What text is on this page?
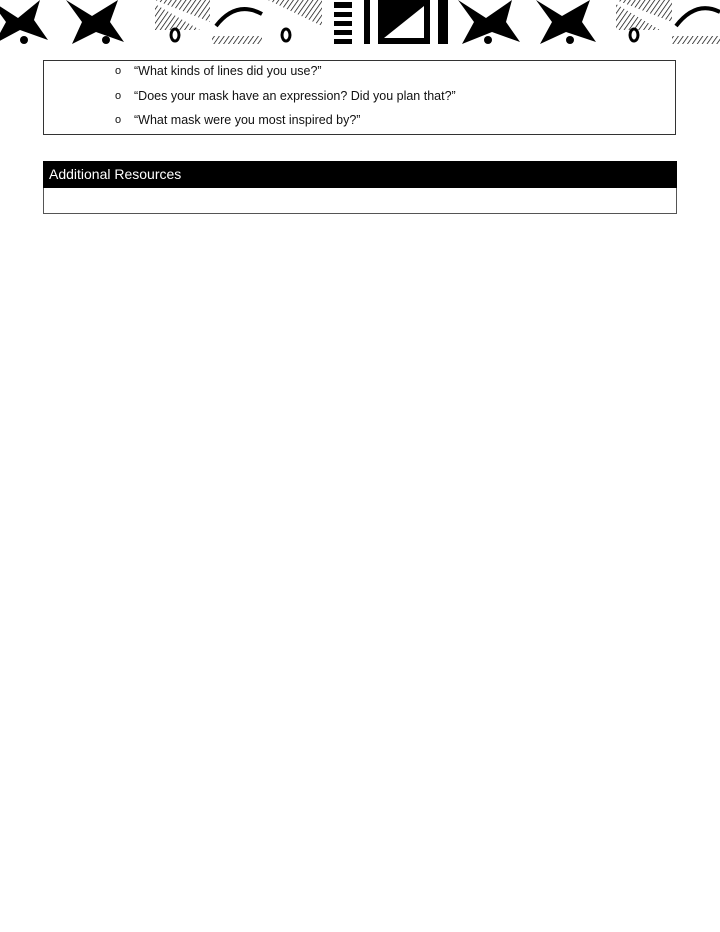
o “What kinds of lines did you use?”
o “Does your mask have an expression? Did you plan that?”
o “What mask were you most inspired by?”
Additional Resources
